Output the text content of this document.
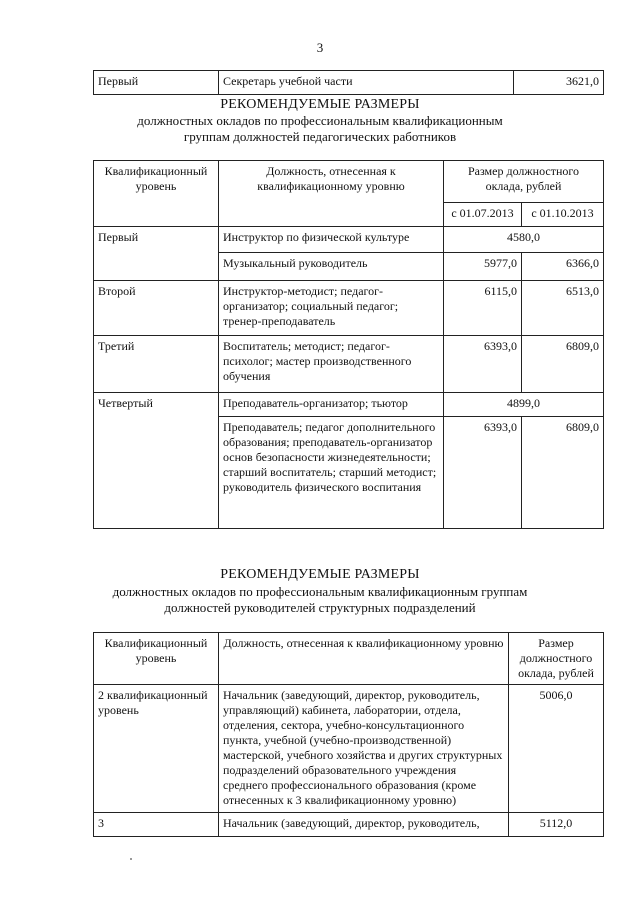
3
Первый	Секретарь учебной части	3621,0
РЕКОМЕНДУЕМЫЕ РАЗМЕРЫ
должностных окладов по профессиональным квалификационным
группам должностей педагогических работников
Квалификационный уровень	Должность, отнесенная к квалификационному уровню	Размер должностного оклада, рублей	
		с 01.07.2013	с 01.10.2013
Первый	Инструктор по физической культуре	4580,0	
	Музыкальный руководитель	5977,0	6366,0
Второй	Инструктор-методист; педагог-организатор; социальный педагог; тренер-преподаватель	6115,0	6513,0
Третий	Воспитатель; методист; педагог-психолог; мастер производственного обучения	6393,0	6809,0
Четвертый	Преподаватель-организатор; тьютор	4899,0	
	Преподаватель; педагог дополнительного образования; преподаватель-организатор основ безопасности жизнедеятельности; старший воспитатель; старший методист; руководитель физического воспитания	6393,0	6809,0
РЕКОМЕНДУЕМЫЕ РАЗМЕРЫ
должностных окладов по профессиональным квалификационным группам
должностей руководителей структурных подразделений
Квалификационный уровень	Должность, отнесенная к квалификационному уровню	Размер должностного оклада, рублей
2 квалификационный уровень	Начальник (заведующий, директор, руководитель, управляющий) кабинета, лаборатории, отдела, отделения, сектора, учебно-консультационного пункта, учебной (учебно-производственной) мастерской, учебного хозяйства и других структурных подразделений образовательного учреждения среднего профессионального образования (кроме отнесенных к 3 квалификационному уровню)	5006,0
3	Начальник (заведующий, директор, руководитель,	5112,0
